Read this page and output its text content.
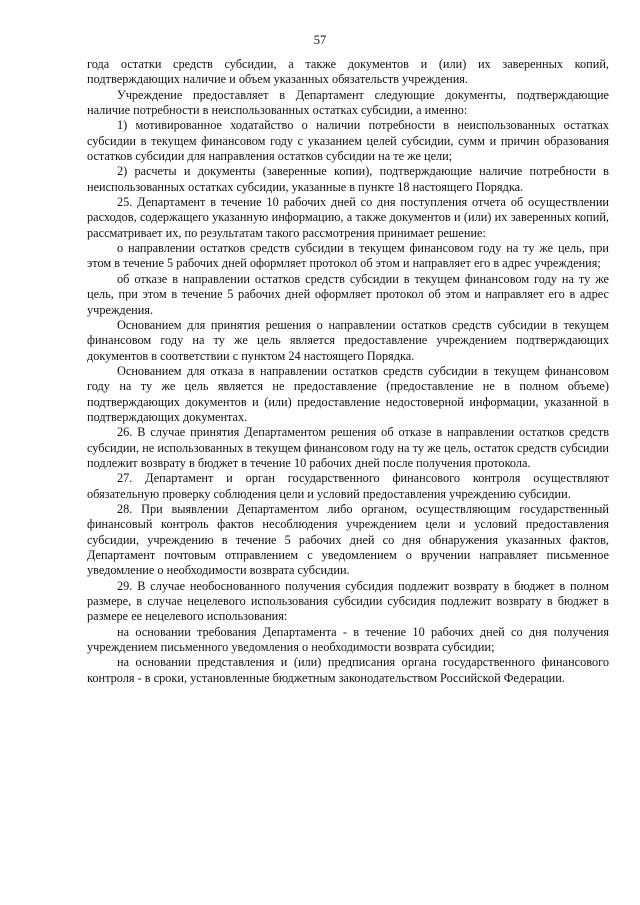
57

года остатки средств субсидии, а также документов и (или) их заверенных копий, подтверждающих наличие и объем указанных обязательств учреждения.

Учреждение предоставляет в Департамент следующие документы, подтверждающие наличие потребности в неиспользованных остатках субсидии, а именно:

1) мотивированное ходатайство о наличии потребности в неиспользованных остатках субсидии в текущем финансовом году с указанием целей субсидии, сумм и причин образования остатков субсидии для направления остатков субсидии на те же цели;

2) расчеты и документы (заверенные копии), подтверждающие наличие потребности в неиспользованных остатках субсидии, указанные в пункте 18 настоящего Порядка.

25. Департамент в течение 10 рабочих дней со дня поступления отчета об осуществлении расходов, содержащего указанную информацию, а также документов и (или) их заверенных копий, рассматривает их, по результатам такого рассмотрения принимает решение:

о направлении остатков средств субсидии в текущем финансовом году на ту же цель, при этом в течение 5 рабочих дней оформляет протокол об этом и направляет его в адрес учреждения;

об отказе в направлении остатков средств субсидии в текущем финансовом году на ту же цель, при этом в течение 5 рабочих дней оформляет протокол об этом и направляет его в адрес учреждения.

Основанием для принятия решения о направлении остатков средств субсидии в текущем финансовом году на ту же цель является предоставление учреждением подтверждающих документов в соответствии с пунктом 24 настоящего Порядка.

Основанием для отказа в направлении остатков средств субсидии в текущем финансовом году на ту же цель является не предоставление (предоставление не в полном объеме) подтверждающих документов и (или) предоставление недостоверной информации, указанной в подтверждающих документах.

26. В случае принятия Департаментом решения об отказе в направлении остатков средств субсидии, не использованных в текущем финансовом году на ту же цель, остаток средств субсидии подлежит возврату в бюджет в течение 10 рабочих дней после получения протокола.

27. Департамент и орган государственного финансового контроля осуществляют обязательную проверку соблюдения цели и условий предоставления учреждению субсидии.

28. При выявлении Департаментом либо органом, осуществляющим государственный финансовый контроль фактов несоблюдения учреждением цели и условий предоставления субсидии, учреждению в течение 5 рабочих дней со дня обнаружения указанных фактов, Департамент почтовым отправлением с уведомлением о вручении направляет письменное уведомление о необходимости возврата субсидии.

29. В случае необоснованного получения субсидия подлежит возврату в бюджет в полном размере, в случае нецелевого использования субсидии субсидия подлежит возврату в бюджет в размере ее нецелевого использования:

на основании требования Департамента - в течение 10 рабочих дней со дня получения учреждением письменного уведомления о необходимости возврата субсидии;

на основании представления и (или) предписания органа государственного финансового контроля - в сроки, установленные бюджетным законодательством Российской Федерации.
